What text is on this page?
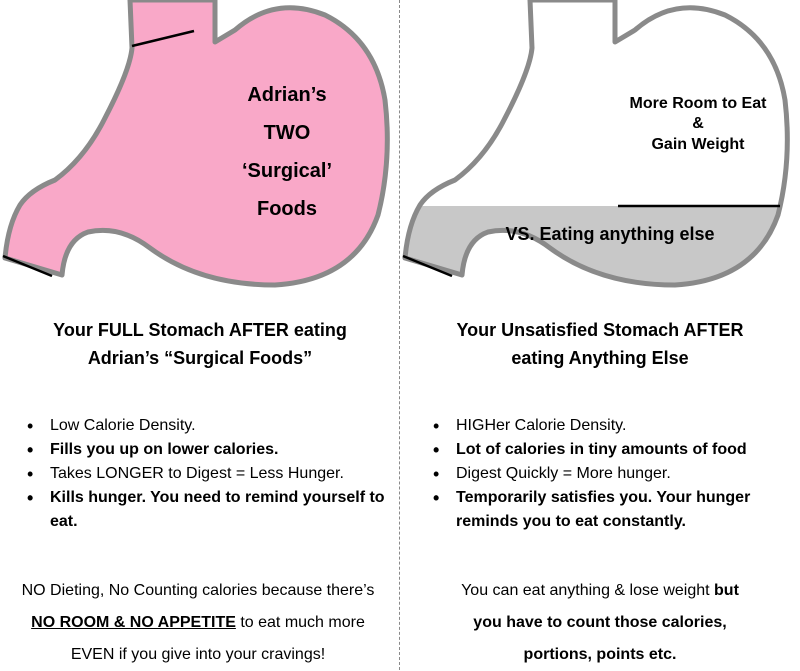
Adrian’s
TWO
‘Surgical’
Foods
More Room to Eat
&
Gain Weight
VS. Eating anything else
Your FULL Stomach AFTER eating
Adrian’s “Surgical Foods”
Your Unsatisfied Stomach AFTER
eating Anything Else
• Low Calorie Density.
• Fills you up on lower calories.
• Takes LONGER to Digest = Less Hunger.
• Kills hunger. You need to remind yourself to eat.
• HIGHer Calorie Density.
• Lot of calories in tiny amounts of food
• Digest Quickly = More hunger.
• Temporarily satisfies you. Your hunger reminds you to eat constantly.
NO Dieting, No Counting calories because there’s
NO ROOM & NO APPETITE to eat much more
EVEN if you give into your cravings!
You can eat anything & lose weight but
you have to count those calories,
portions, points etc.
